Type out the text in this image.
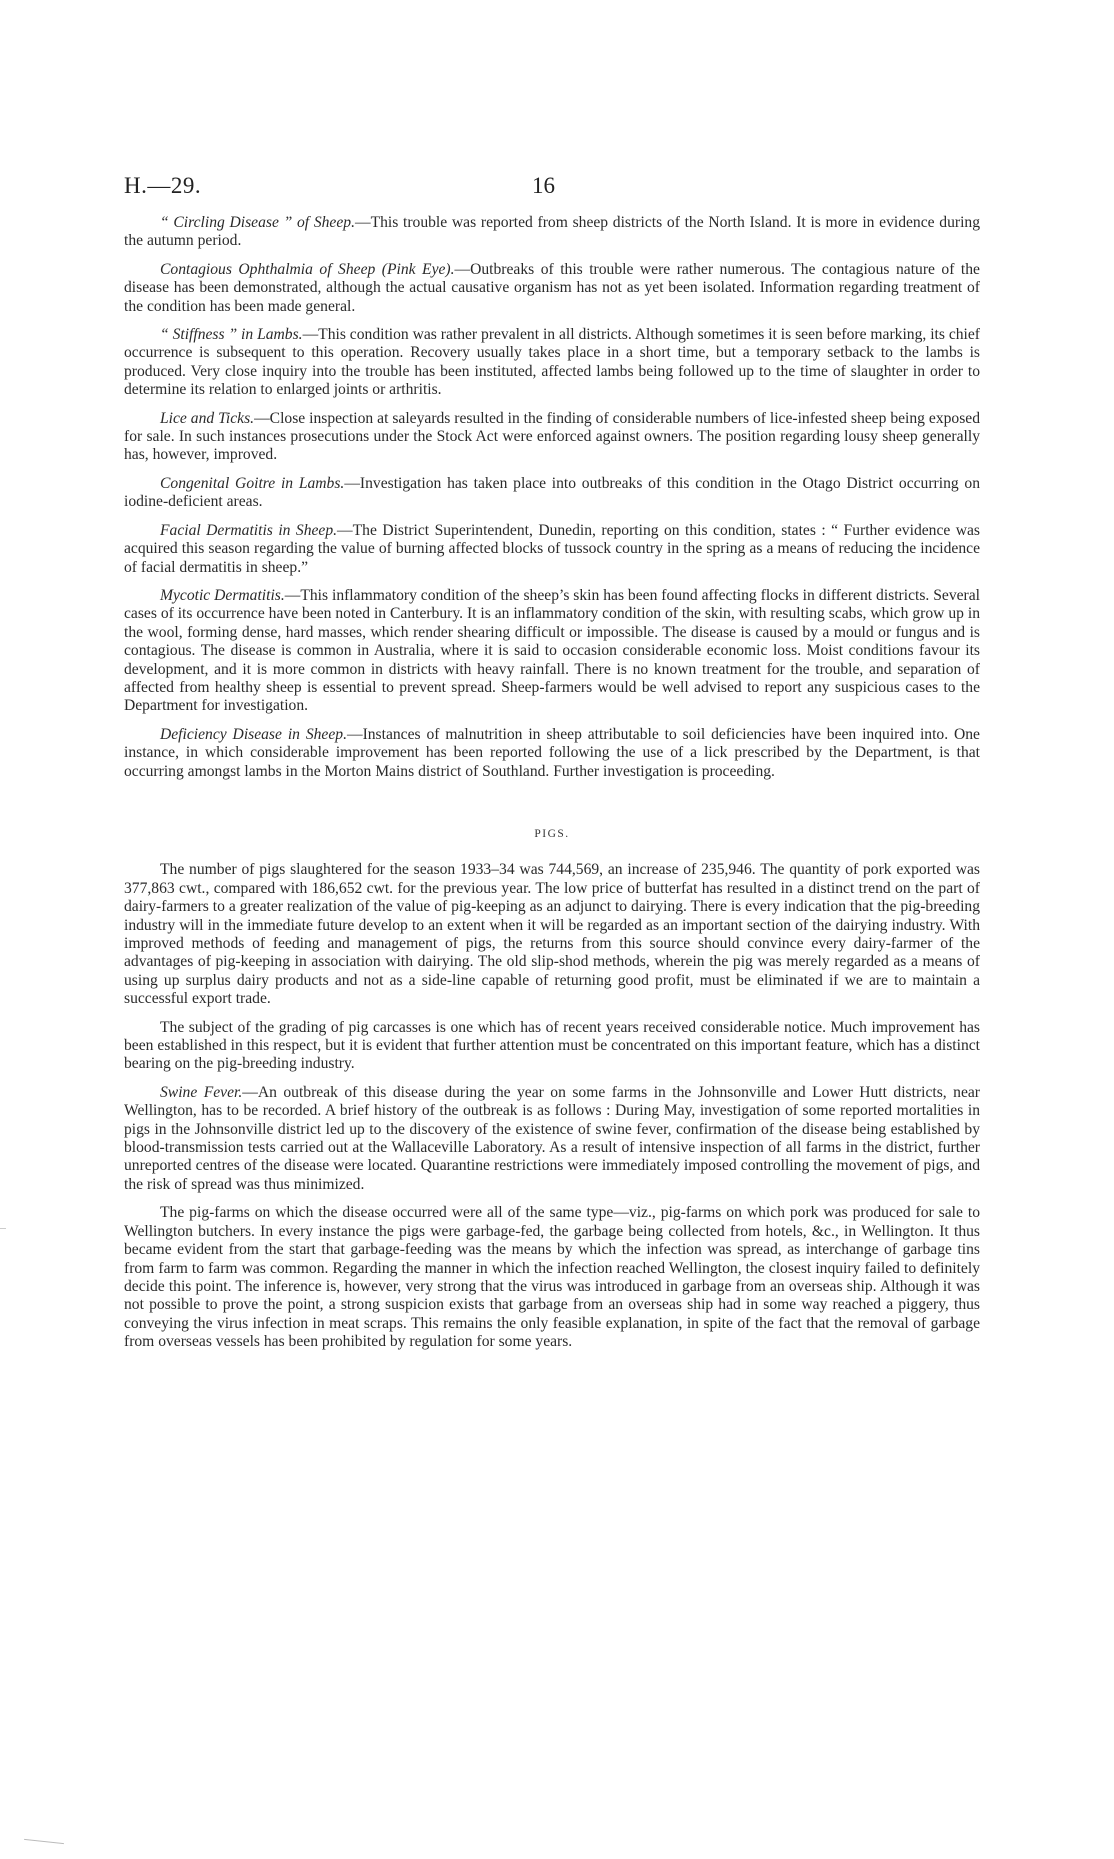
H.—29.	16

“ Circling Disease ” of Sheep.—This trouble was reported from sheep districts of the North Island. It is more in evidence during the autumn period.

Contagious Ophthalmia of Sheep (Pink Eye).—Outbreaks of this trouble were rather numerous. The contagious nature of the disease has been demonstrated, although the actual causative organism has not as yet been isolated. Information regarding treatment of the condition has been made general.

“ Stiffness ” in Lambs.—This condition was rather prevalent in all districts. Although sometimes it is seen before marking, its chief occurrence is subsequent to this operation. Recovery usually takes place in a short time, but a temporary setback to the lambs is produced. Very close inquiry into the trouble has been instituted, affected lambs being followed up to the time of slaughter in order to determine its relation to enlarged joints or arthritis.

Lice and Ticks.—Close inspection at saleyards resulted in the finding of considerable numbers of lice-infested sheep being exposed for sale. In such instances prosecutions under the Stock Act were enforced against owners. The position regarding lousy sheep generally has, however, improved.

Congenital Goitre in Lambs.—Investigation has taken place into outbreaks of this condition in the Otago District occurring on iodine-deficient areas.

Facial Dermatitis in Sheep.—The District Superintendent, Dunedin, reporting on this condition, states : “ Further evidence was acquired this season regarding the value of burning affected blocks of tussock country in the spring as a means of reducing the incidence of facial dermatitis in sheep.”

Mycotic Dermatitis.—This inflammatory condition of the sheep’s skin has been found affecting flocks in different districts. Several cases of its occurrence have been noted in Canterbury. It is an inflammatory condition of the skin, with resulting scabs, which grow up in the wool, forming dense, hard masses, which render shearing difficult or impossible. The disease is caused by a mould or fungus and is contagious. The disease is common in Australia, where it is said to occasion considerable economic loss. Moist conditions favour its development, and it is more common in districts with heavy rainfall. There is no known treatment for the trouble, and separation of affected from healthy sheep is essential to prevent spread. Sheep-farmers would be well advised to report any suspicious cases to the Department for investigation.

Deficiency Disease in Sheep.—Instances of malnutrition in sheep attributable to soil deficiencies have been inquired into. One instance, in which considerable improvement has been reported following the use of a lick prescribed by the Department, is that occurring amongst lambs in the Morton Mains district of Southland. Further investigation is proceeding.

PIGS.

The number of pigs slaughtered for the season 1933–34 was 744,569, an increase of 235,946. The quantity of pork exported was 377,863 cwt., compared with 186,652 cwt. for the previous year. The low price of butterfat has resulted in a distinct trend on the part of dairy-farmers to a greater realization of the value of pig-keeping as an adjunct to dairying. There is every indication that the pig-breeding industry will in the immediate future develop to an extent when it will be regarded as an important section of the dairying industry. With improved methods of feeding and management of pigs, the returns from this source should convince every dairy-farmer of the advantages of pig-keeping in association with dairying. The old slip-shod methods, wherein the pig was merely regarded as a means of using up surplus dairy products and not as a side-line capable of returning good profit, must be eliminated if we are to maintain a successful export trade.

The subject of the grading of pig carcasses is one which has of recent years received considerable notice. Much improvement has been established in this respect, but it is evident that further attention must be concentrated on this important feature, which has a distinct bearing on the pig-breeding industry.

Swine Fever.—An outbreak of this disease during the year on some farms in the Johnsonville and Lower Hutt districts, near Wellington, has to be recorded. A brief history of the outbreak is as follows : During May, investigation of some reported mortalities in pigs in the Johnsonville district led up to the discovery of the existence of swine fever, confirmation of the disease being established by blood-transmission tests carried out at the Wallaceville Laboratory. As a result of intensive inspection of all farms in the district, further unreported centres of the disease were located. Quarantine restrictions were immediately imposed controlling the movement of pigs, and the risk of spread was thus minimized.

The pig-farms on which the disease occurred were all of the same type—viz., pig-farms on which pork was produced for sale to Wellington butchers. In every instance the pigs were garbage-fed, the garbage being collected from hotels, &c., in Wellington. It thus became evident from the start that garbage-feeding was the means by which the infection was spread, as interchange of garbage tins from farm to farm was common. Regarding the manner in which the infection reached Wellington, the closest inquiry failed to definitely decide this point. The inference is, however, very strong that the virus was introduced in garbage from an overseas ship. Although it was not possible to prove the point, a strong suspicion exists that garbage from an overseas ship had in some way reached a piggery, thus conveying the virus infection in meat scraps. This remains the only feasible explanation, in spite of the fact that the removal of garbage from overseas vessels has been prohibited by regulation for some years.
